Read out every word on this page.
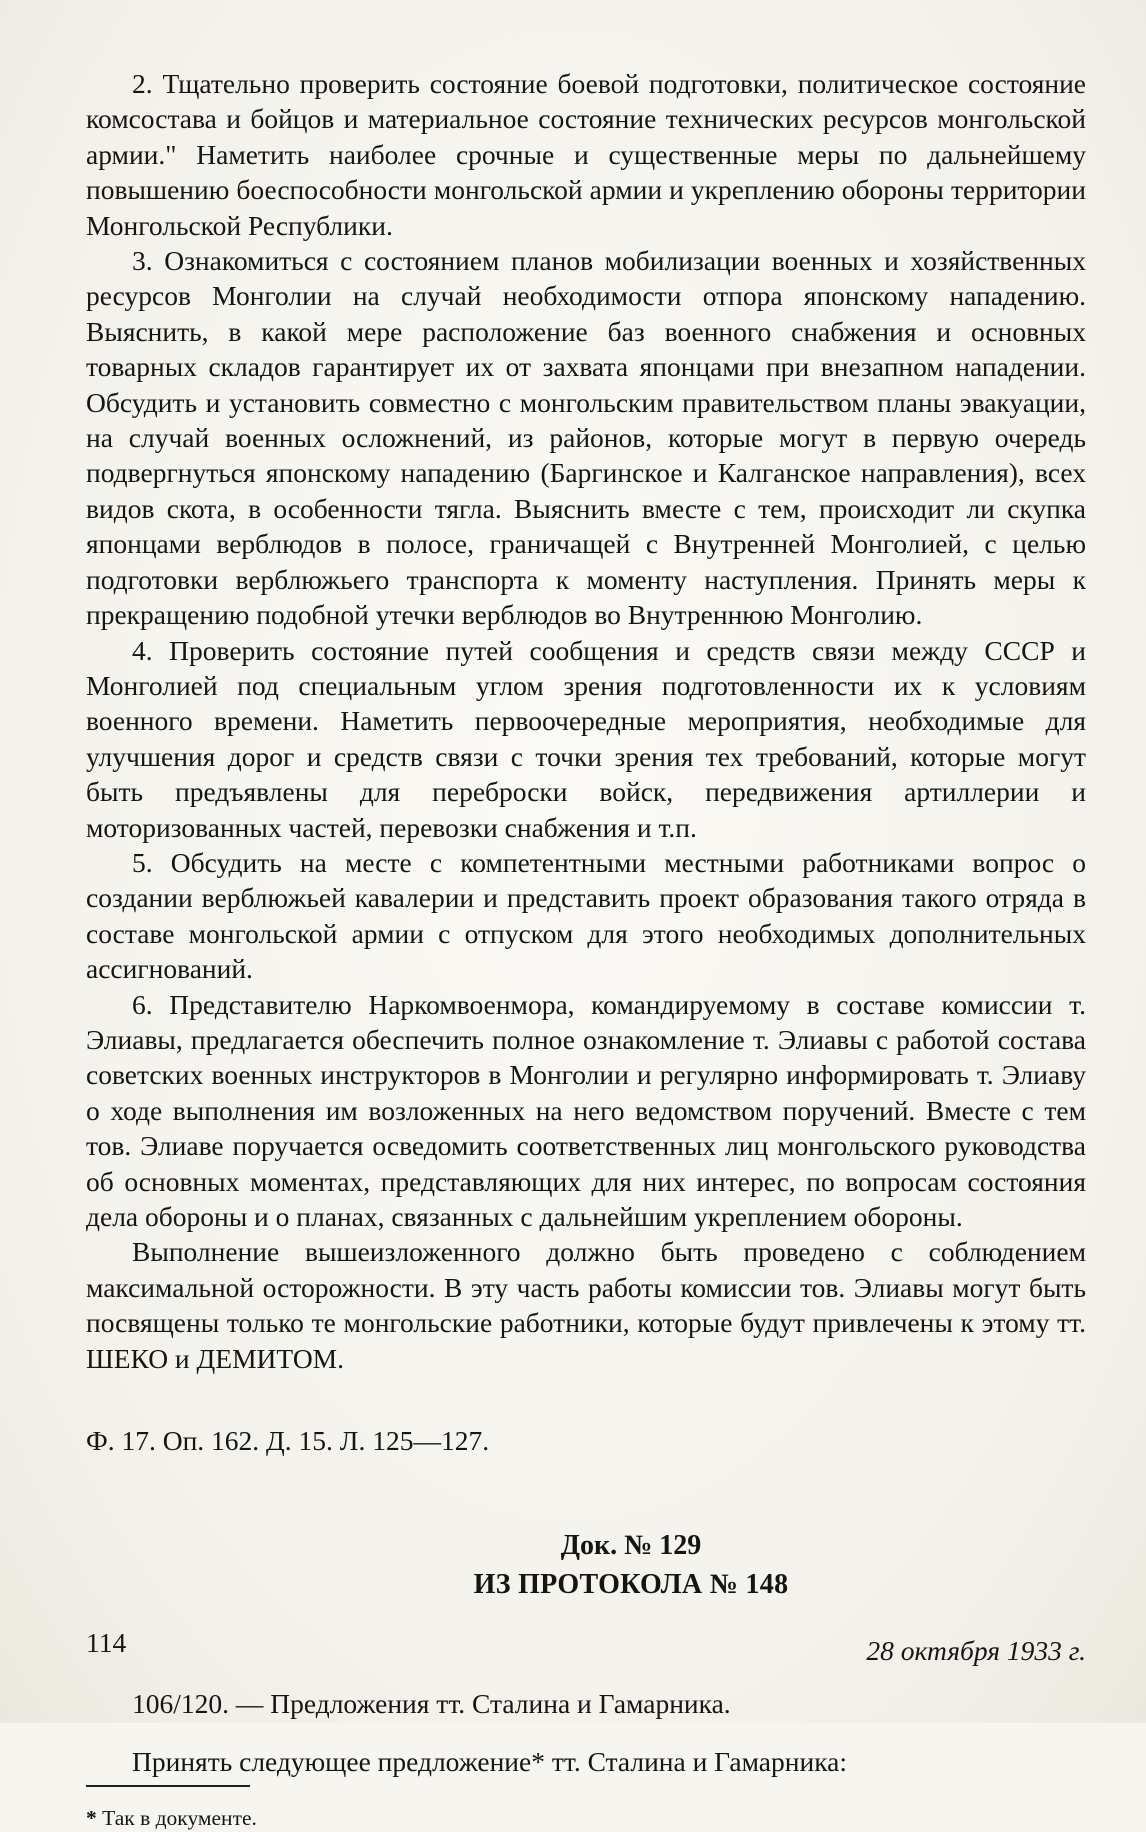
2. Тщательно проверить состояние боевой подготовки, политическое состояние комсостава и бойцов и материальное состояние технических ресурсов монгольской армии." Наметить наиболее срочные и существенные меры по дальнейшему повышению боеспособности монгольской армии и укреплению обороны территории Монгольской Республики.

3. Ознакомиться с состоянием планов мобилизации военных и хозяйственных ресурсов Монголии на случай необходимости отпора японскому нападению. Выяснить, в какой мере расположение баз военного снабжения и основных товарных складов гарантирует их от захвата японцами при внезапном нападении. Обсудить и установить совместно с монгольским правительством планы эвакуации, на случай военных осложнений, из районов, которые могут в первую очередь подвергнуться японскому нападению (Баргинское и Калганское направления), всех видов скота, в особенности тягла. Выяснить вместе с тем, происходит ли скупка японцами верблюдов в полосе, граничащей с Внутренней Монголией, с целью подготовки верблюжьего транспорта к моменту наступления. Принять меры к прекращению подобной утечки верблюдов во Внутреннюю Монголию.

4. Проверить состояние путей сообщения и средств связи между СССР и Монголией под специальным углом зрения подготовленности их к условиям военного времени. Наметить первоочередные мероприятия, необходимые для улучшения дорог и средств связи с точки зрения тех требований, которые могут быть предъявлены для переброски войск, передвижения артиллерии и моторизованных частей, перевозки снабжения и т.п.

5. Обсудить на месте с компетентными местными работниками вопрос о создании верблюжьей кавалерии и представить проект образования такого отряда в составе монгольской армии с отпуском для этого необходимых дополнительных ассигнований.

6. Представителю Наркомвоенмора, командируемому в составе комиссии т. Элиавы, предлагается обеспечить полное ознакомление т. Элиавы с работой состава советских военных инструкторов в Монголии и регулярно информировать т. Элиаву о ходе выполнения им возложенных на него ведомством поручений. Вместе с тем тов. Элиаве поручается осведомить соответственных лиц монгольского руководства об основных моментах, представляющих для них интерес, по вопросам состояния дела обороны и о планах, связанных с дальнейшим укреплением обороны.

Выполнение вышеизложенного должно быть проведено с соблюдением максимальной осторожности. В эту часть работы комиссии тов. Элиавы могут быть посвящены только те монгольские работники, которые будут привлечены к этому тт. ШЕКО и ДЕМИТОМ.

Ф. 17. Оп. 162. Д. 15. Л. 125—127.

Док. № 129

ИЗ ПРОТОКОЛА № 148

28 октября 1933 г.

106/120. — Предложения тт. Сталина и Гамарника.

Принять следующее предложение* тт. Сталина и Гамарника:

* Так в документе.

114
